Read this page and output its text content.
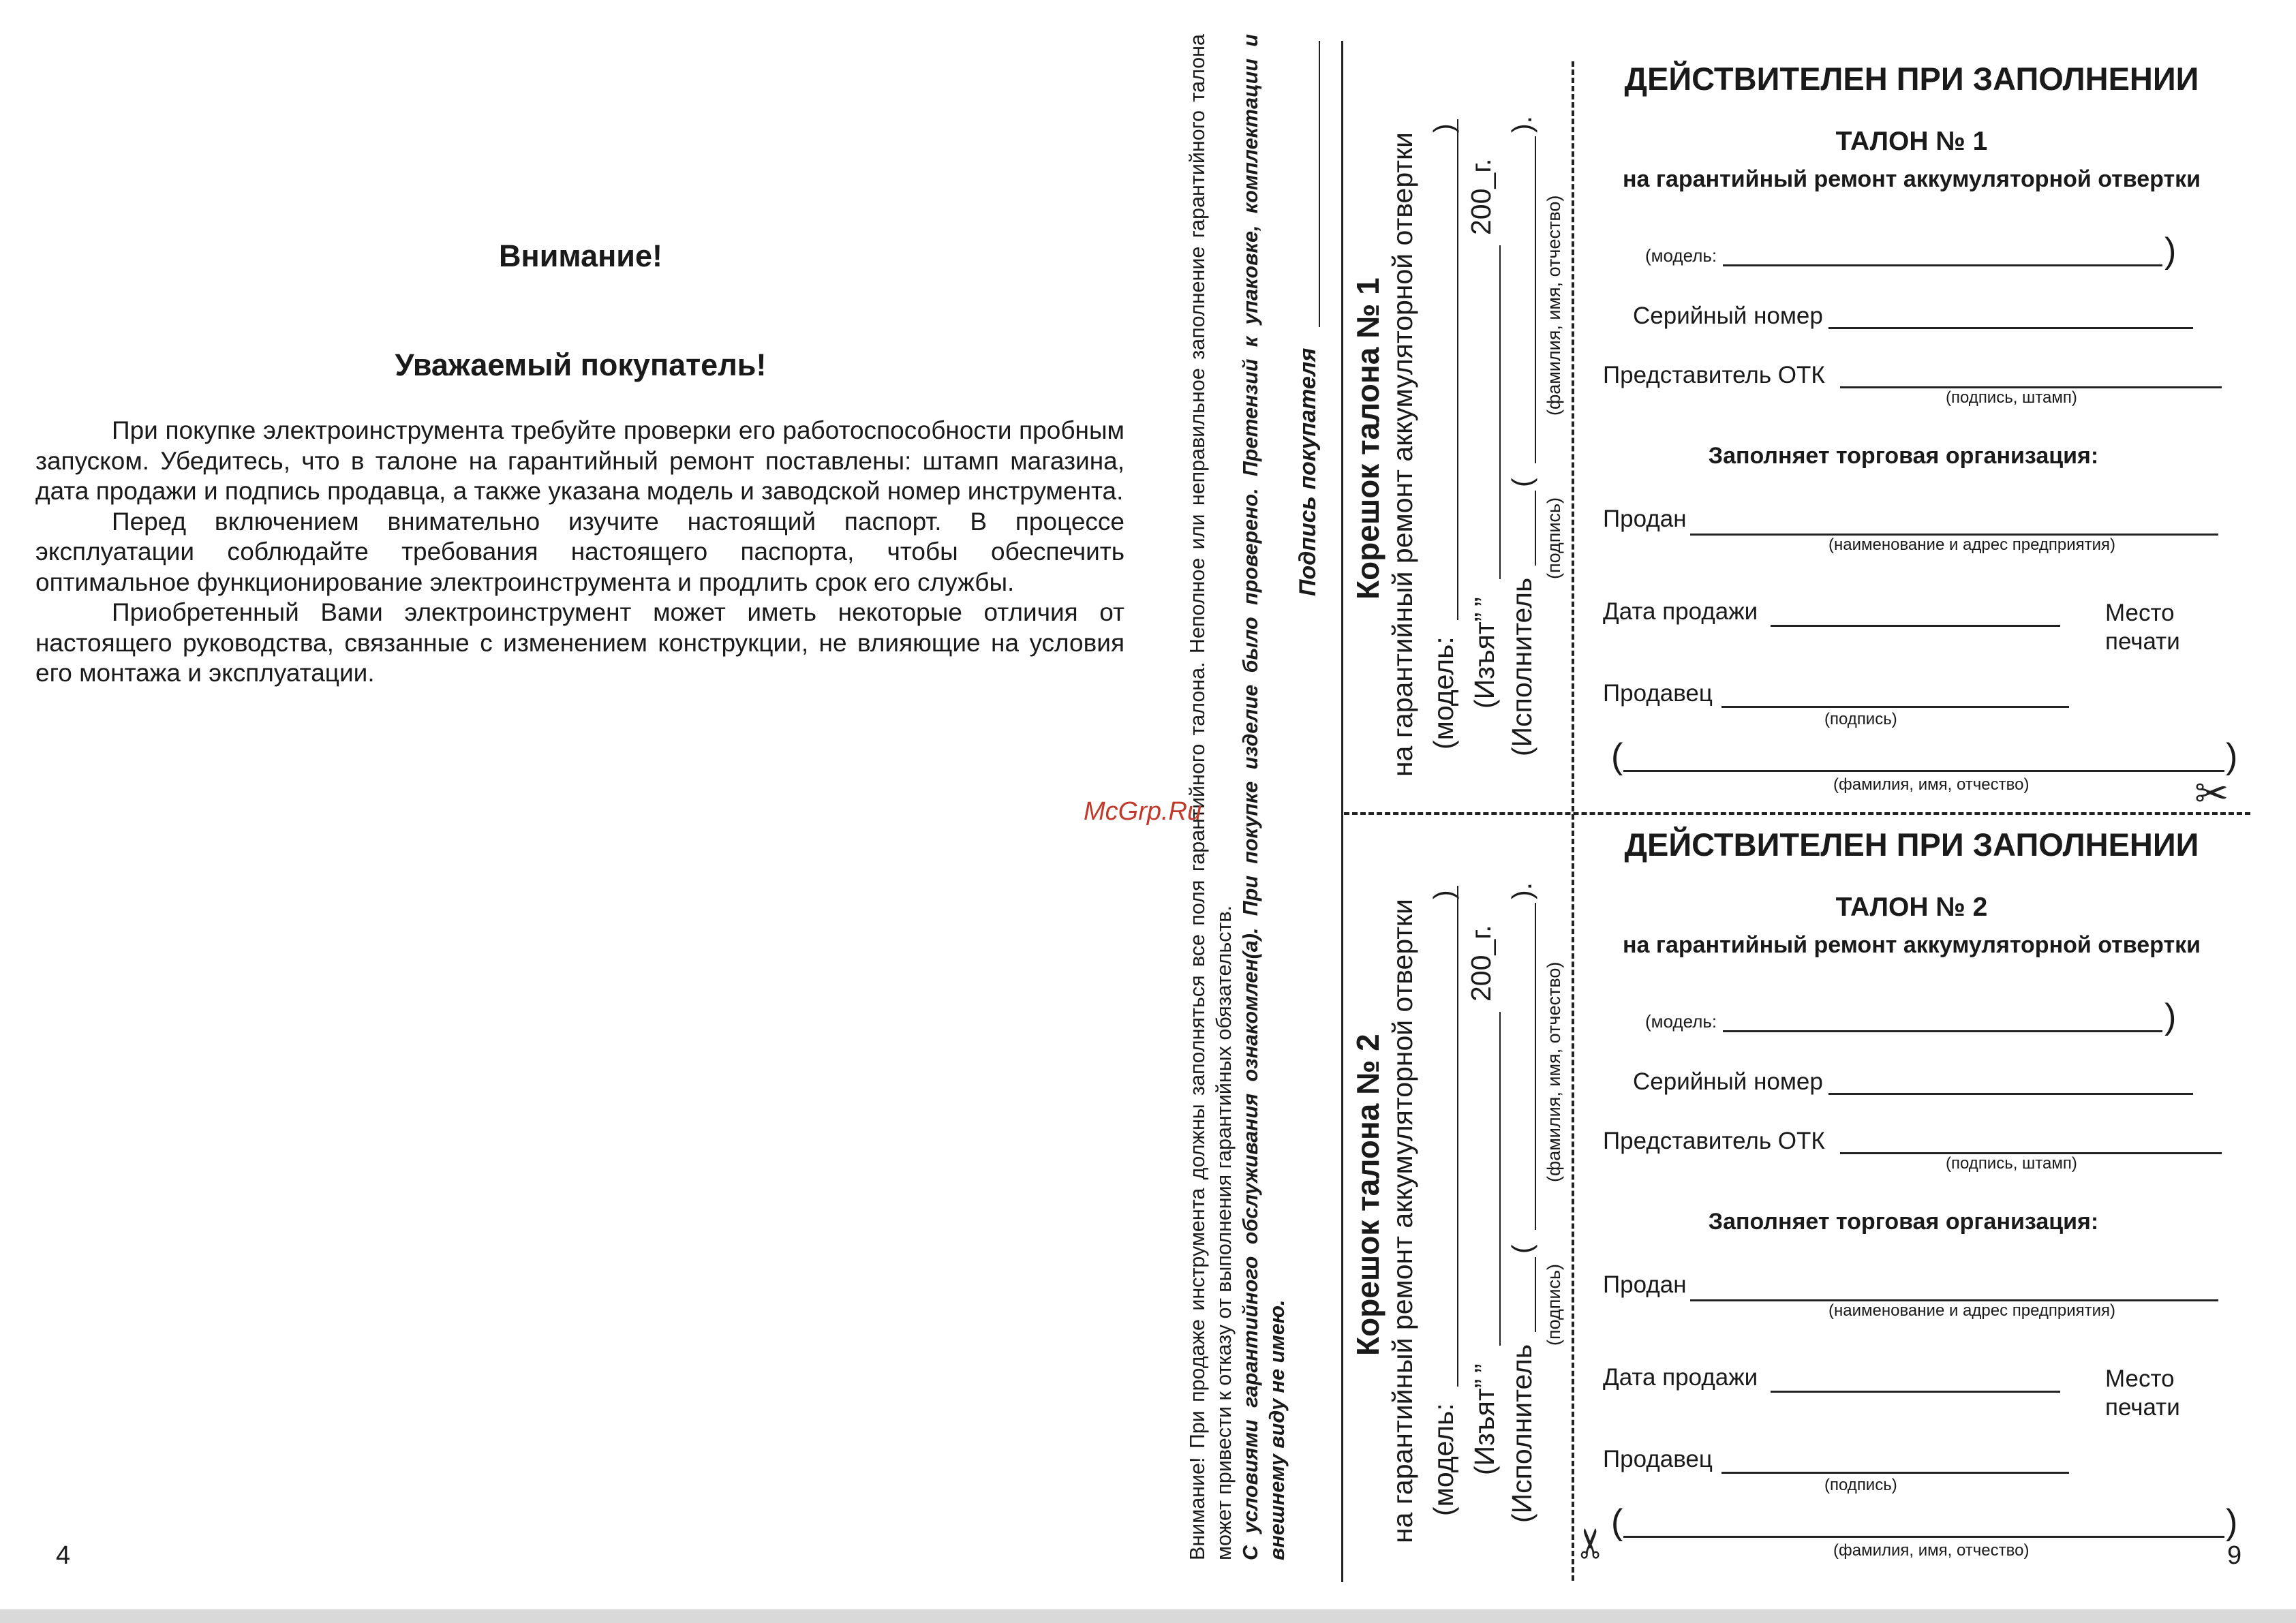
Внимание!
Уважаемый покупатель!

При покупке электроинструмента требуйте проверки его работоспособности пробным запуском. Убедитесь, что в талоне на гарантийный ремонт поставлены: штамп магазина, дата продажи и подпись продавца, а также указана модель и заводской номер инструмента.

Перед включением внимательно изучите настоящий паспорт. В процессе эксплуатации соблюдайте требования настоящего паспорта, чтобы обеспечить оптимальное функционирование электроинструмента и продлить срок его службы.

Приобретенный Вами электроинструмент может иметь некоторые отличия от настоящего руководства, связанные с изменением конструкции, не влияющие на условия его монтажа и эксплуатации.

4	Внимание! При продаже инструмента должны заполняться все поля гарантийного талона. Неполное или неправильное заполнение гарантийного талона может привести к отказу от выполнения гарантийных обязательств. С условиями гарантийного обслуживания ознакомлен(а). При покупке изделие было проверено. Претензий к упаковке, комплектации и внешнему виду не имею.
Подпись покупателя
McGrp.Ru
Корешок талона № 1 на гарантийный ремонт аккумуляторной отвертки (модель:
)
(Изъят”
”
200_г.
(Исполнитель
(
).
(подпись)
(фамилия, имя, отчество)
Корешок талона № 2 на гарантийный ремонт аккумуляторной отвертки (модель:
)
(Изъят”
”
200_г.
(Исполнитель
(
).
(подпись)
(фамилия, имя, отчество)
ДЕЙСТВИТЕЛЕН ПРИ ЗАПОЛНЕНИИ
ТАЛОН № 1
на гарантийный ремонт аккумуляторной отвертки
(модель:	)
Серийный номер
Представитель ОТК
(подпись, штамп)
Заполняет торговая организация:
Продан
(наименование и адрес предприятия)
Дата продажи	Место
печати
Продавец
(подпись)
(	)
(фамилия, имя, отчество)	✂
✂
ДЕЙСТВИТЕЛЕН ПРИ ЗАПОЛНЕНИИ
ТАЛОН № 2
на гарантийный ремонт аккумуляторной отвертки
(модель:	)
Серийный номер
Представитель ОТК
(подпись, штамп)
Заполняет торговая организация:
Продан
(наименование и адрес предприятия)
Дата продажи	Место
печати
Продавец
(подпись)
(	)
(фамилия, имя, отчество)	9
